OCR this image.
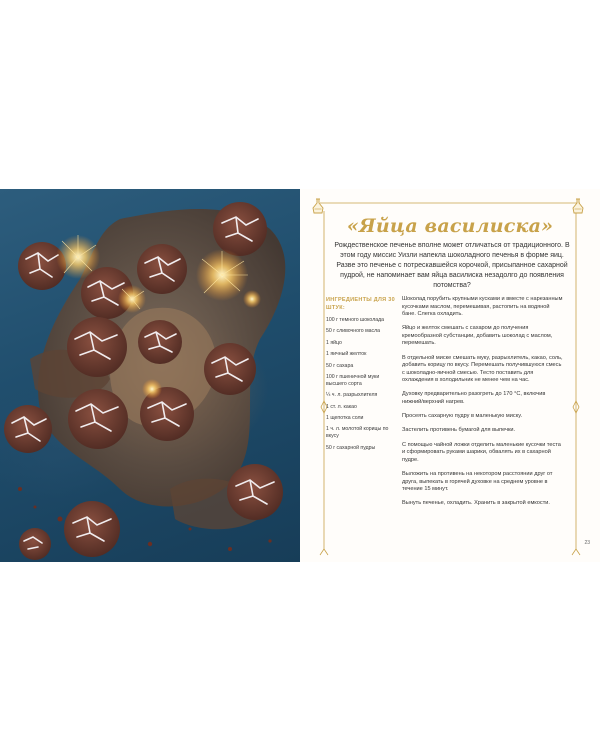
«Яйца василиска»
Рождественское печенье вполне может отличаться от традиционного. В этом году миссис Уизли напекла шоколадного печенья в форме яиц. Разве это печенье с потрескавшейся корочкой, присыпанное сахарной пудрой, не напоминает вам яйца василиска незадолго до появления потомства?
ИНГРЕДИЕНТЫ ДЛЯ 30 ШТУК:
100 г темного шоколада
50 г сливочного масла
1 яйцо
1 яичный желток
50 г сахара
100 г пшеничной муки высшего сорта
¼ ч. л. разрыхлителя
1 ст. л. какао
1 щепотка соли
1 ч. л. молотой корицы по вкусу
50 г сахарной пудры

Шоколад порубить крупными кусками и вместе с нарезанным кусочками маслом, перемешивая, растопить на водяной бане. Слегка охладить.

Яйцо и желток смешать с сахаром до получения кремообразной субстанции, добавить шоколад с маслом, перемешать.

В отдельной миске смешать муку, разрыхлитель, какао, соль, добавить корицу по вкусу. Перемешать получившуюся смесь с шоколадно-яичной смесью. Тесто поставить для охлаждения в холодильник не менее чем на час.

Духовку предварительно разогреть до 170 °С, включив нижний/верхний нагрев.

Просеять сахарную пудру в маленькую миску.

Застелить противень бумагой для выпечки.

С помощью чайной ложки отделить маленькие кусочки теста и сформировать руками шарики, обвалять их в сахарной пудре.

Выложить на противень на некотором расстоянии друг от друга, выпекать в горячей духовке на среднем уровне в течение 15 минут.

Вынуть печенье, охладить. Хранить в закрытой емкости.

23
